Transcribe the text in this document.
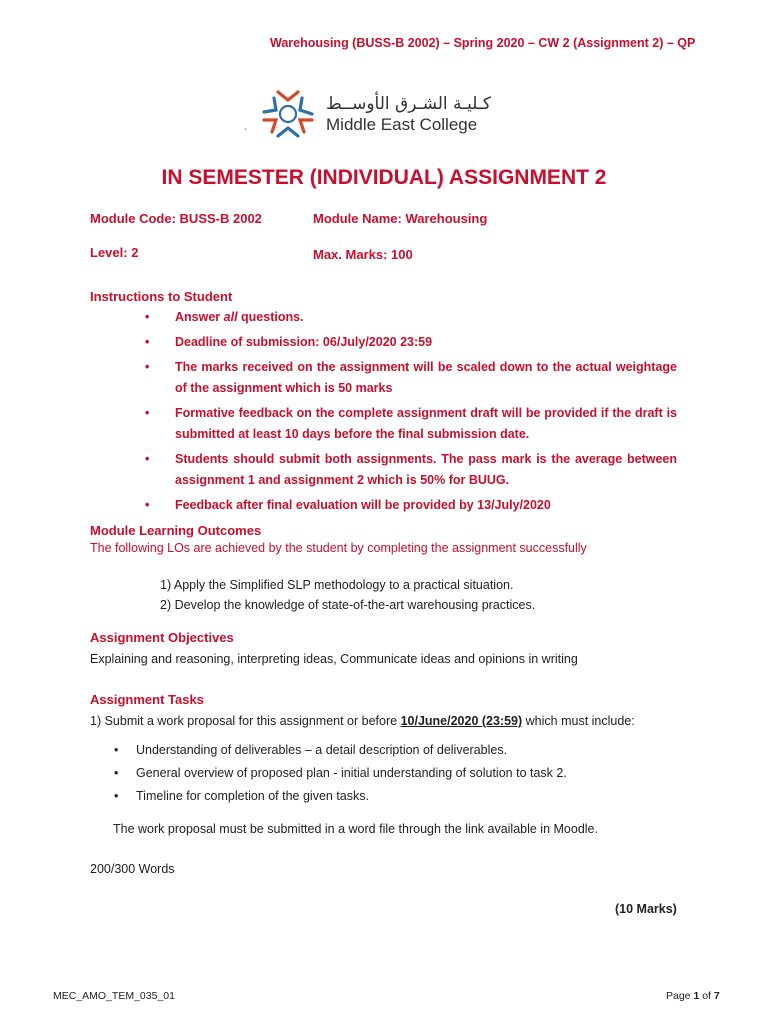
Warehousing (BUSS-B 2002) – Spring 2020 – CW 2 (Assignment 2) – QP
كـليـة الشـرق الأوســط
Middle East College
`
IN SEMESTER (INDIVIDUAL) ASSIGNMENT 2
Module Code: BUSS-B 2002	Module Name: Warehousing
Level: 2	Max. Marks: 100
Instructions to Student
• Answer all questions.
• Deadline of submission: 06/July/2020 23:59
• The marks received on the assignment will be scaled down to the actual weightage of the assignment which is 50 marks
• Formative feedback on the complete assignment draft will be provided if the draft is submitted at least 10 days before the final submission date.
• Students should submit both assignments. The pass mark is the average between assignment 1 and assignment 2 which is 50% for BUUG.
• Feedback after final evaluation will be provided by 13/July/2020
Module Learning Outcomes
The following LOs are achieved by the student by completing the assignment successfully
1) Apply the Simplified SLP methodology to a practical situation.
2) Develop the knowledge of state-of-the-art warehousing practices.
Assignment Objectives
Explaining and reasoning, interpreting ideas, Communicate ideas and opinions in writing
Assignment Tasks
1) Submit a work proposal for this assignment or before 10/June/2020 (23:59) which must include:
• Understanding of deliverables – a detail description of deliverables.
• General overview of proposed plan - initial understanding of solution to task 2.
• Timeline for completion of the given tasks.
The work proposal must be submitted in a word file through the link available in Moodle.
200/300 Words
(10 Marks)
MEC_AMO_TEM_035_01	Page 1 of 7
